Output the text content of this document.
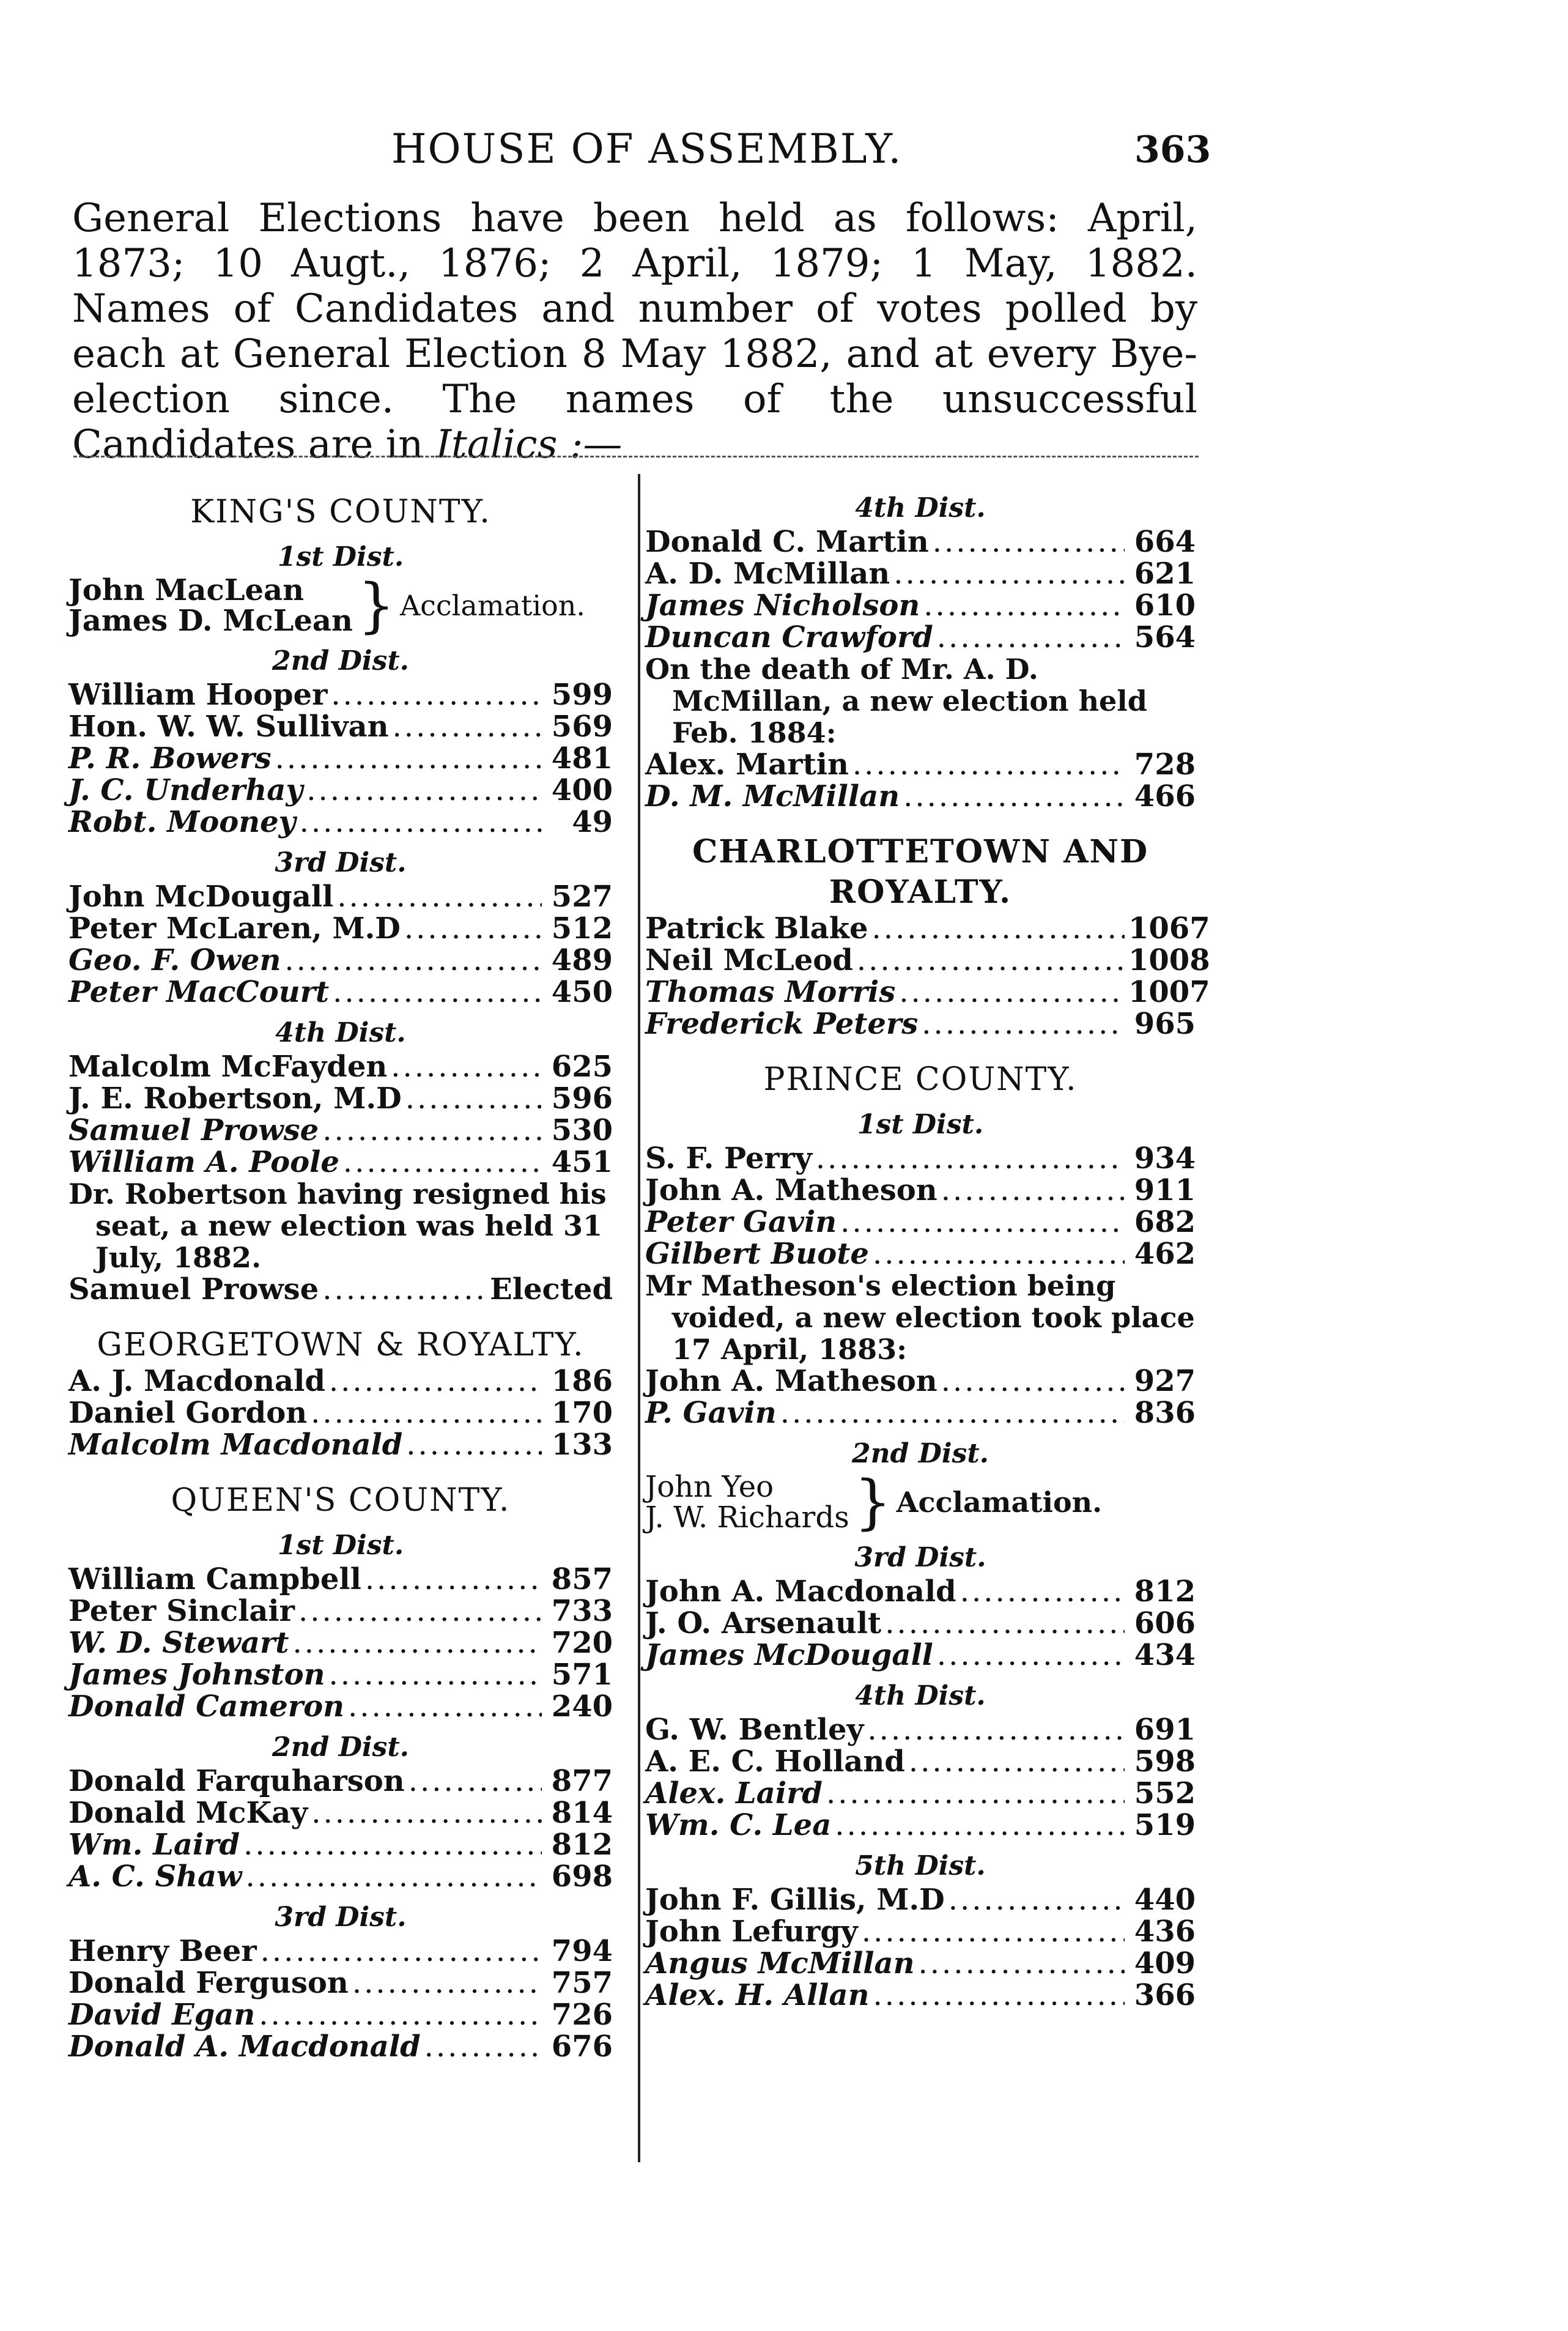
HOUSE OF ASSEMBLY.	363
General Elections have been held as follows: April, 1873; 10 Augt., 1876; 2 April, 1879; 1 May, 1882. Names of Candidates and number of votes polled by each at General Election 8 May 1882, and at every Bye-election since. The names of the unsuccessful Candidates are in Italics :—
KING'S COUNTY.
1st Dist.
John MacLean
James D. McLean } Acclamation.
2nd Dist.
William Hooper .....	599
Hon. W. W. Sullivan .....	569
P. R. Bowers .....	481
J. C. Underhay .....	400
Robt. Mooney .....	49
3rd Dist.
John McDougall .....	527
Peter McLaren, M.D .....	512
Geo. F. Owen .....	489
Peter MacCourt .....	450
4th Dist.
Malcolm McFayden .....	625
J. E. Robertson, M.D .....	596
Samuel Prowse .....	530
William A. Poole .....	451
Dr. Robertson having resigned his seat, a new election was held 31 July, 1882.
Samuel Prowse .....	Elected
GEORGETOWN & ROYALTY.
A. J. Macdonald .....	186
Daniel Gordon .....	170
Malcolm Macdonald .....	133
QUEEN'S COUNTY.
1st Dist.
William Campbell .....	857
Peter Sinclair .....	733
W. D. Stewart .....	720
James Johnston .....	571
Donald Cameron .....	240
2nd Dist.
Donald Farquharson .....	877
Donald McKay .....	814
Wm. Laird .....	812
A. C. Shaw .....	698
3rd Dist.
Henry Beer .....	794
Donald Ferguson .....	757
David Egan .....	726
Donald A. Macdonald .....	676
4th Dist.
Donald C. Martin .....	664
A. D. McMillan .....	621
James Nicholson .....	610
Duncan Crawford .....	564
On the death of Mr. A. D. McMillan, a new election held Feb. 1884:
Alex. Martin .....	728
D. M. McMillan .....	466
CHARLOTTETOWN AND ROYALTY.
Patrick Blake .....	1067
Neil McLeod .....	1008
Thomas Morris .....	1007
Frederick Peters .....	965
PRINCE COUNTY.
1st Dist.
S. F. Perry .....	934
John A. Matheson .....	911
Peter Gavin .....	682
Gilbert Buote .....	462
Mr Matheson's election being voided, a new election took place 17 April, 1883:
John A. Matheson .....	927
P. Gavin .....	836
2nd Dist.
John Yeo
J. W. Richards } Acclamation.
3rd Dist.
John A. Macdonald .....	812
J. O. Arsenault .....	606
James McDougall .....	434
4th Dist.
G. W. Bentley .....	691
A. E. C. Holland .....	598
Alex. Laird .....	552
Wm. C. Lea .....	519
5th Dist.
John F. Gillis, M.D .....	440
John Lefurgy .....	436
Angus McMillan .....	409
Alex. H. Allan .....	366
